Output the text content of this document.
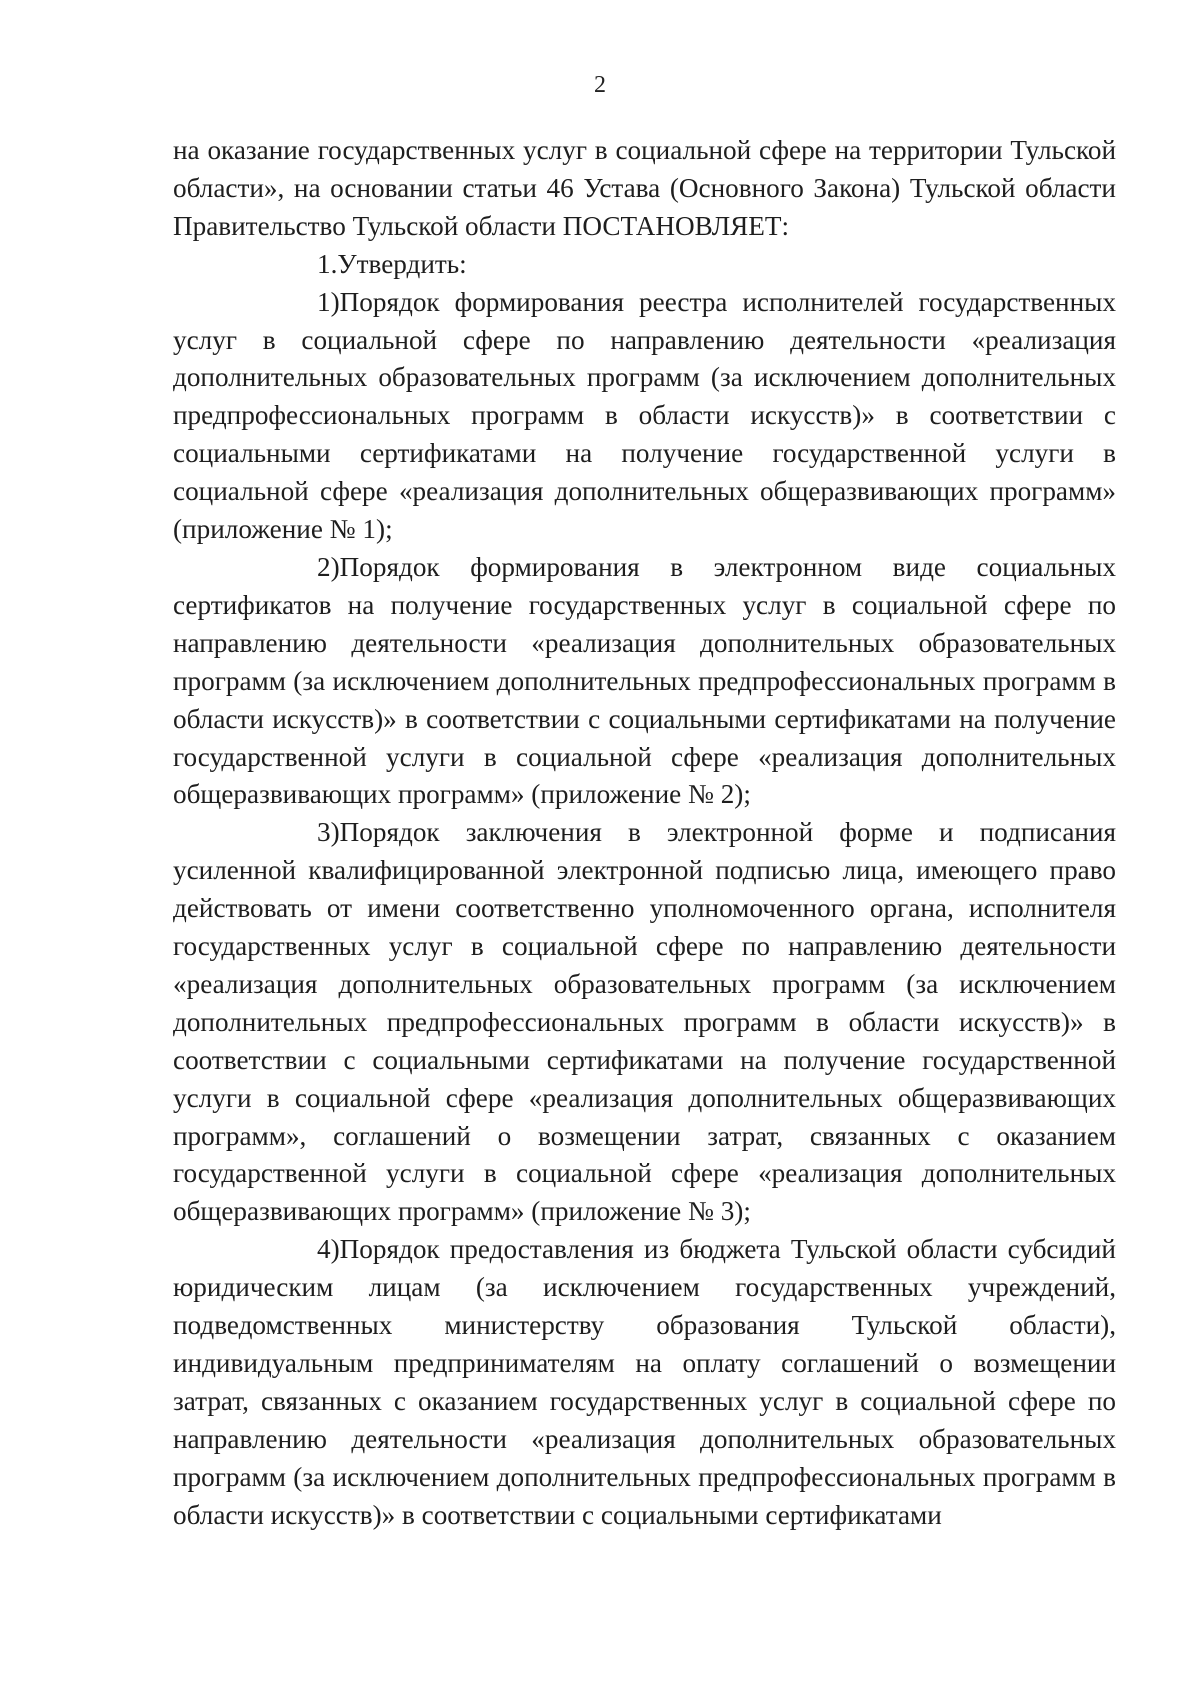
2

на оказание государственных услуг в социальной сфере на территории Тульской области», на основании статьи 46 Устава (Основного Закона) Тульской области Правительство Тульской области ПОСТАНОВЛЯЕТ:

1.Утвердить:

1)Порядок формирования реестра исполнителей государственных услуг в социальной сфере по направлению деятельности «реализация дополнительных образовательных программ (за исключением дополнительных предпрофессиональных программ в области искусств)» в соответствии с социальными сертификатами на получение государственной услуги в социальной сфере «реализация дополнительных общеразвивающих программ» (приложение № 1);

2)Порядок формирования в электронном виде социальных сертификатов на получение государственных услуг в социальной сфере по направлению деятельности «реализация дополнительных образовательных программ (за исключением дополнительных предпрофессиональных программ в области искусств)» в соответствии с социальными сертификатами на получение государственной услуги в социальной сфере «реализация дополнительных общеразвивающих программ» (приложение № 2);

3)Порядок заключения в электронной форме и подписания усиленной квалифицированной электронной подписью лица, имеющего право действовать от имени соответственно уполномоченного органа, исполнителя государственных услуг в социальной сфере по направлению деятельности «реализация дополнительных образовательных программ (за исключением дополнительных предпрофессиональных программ в области искусств)» в соответствии с социальными сертификатами на получение государственной услуги в социальной сфере «реализация дополнительных общеразвивающих программ», соглашений о возмещении затрат, связанных с оказанием государственной услуги в социальной сфере «реализация дополнительных общеразвивающих программ» (приложение № 3);

4)Порядок предоставления из бюджета Тульской области субсидий юридическим лицам (за исключением государственных учреждений, подведомственных министерству образования Тульской области), индивидуальным предпринимателям на оплату соглашений о возмещении затрат, связанных с оказанием государственных услуг в социальной сфере по направлению деятельности «реализация дополнительных образовательных программ (за исключением дополнительных предпрофессиональных программ в области искусств)» в соответствии с социальными сертификатами
